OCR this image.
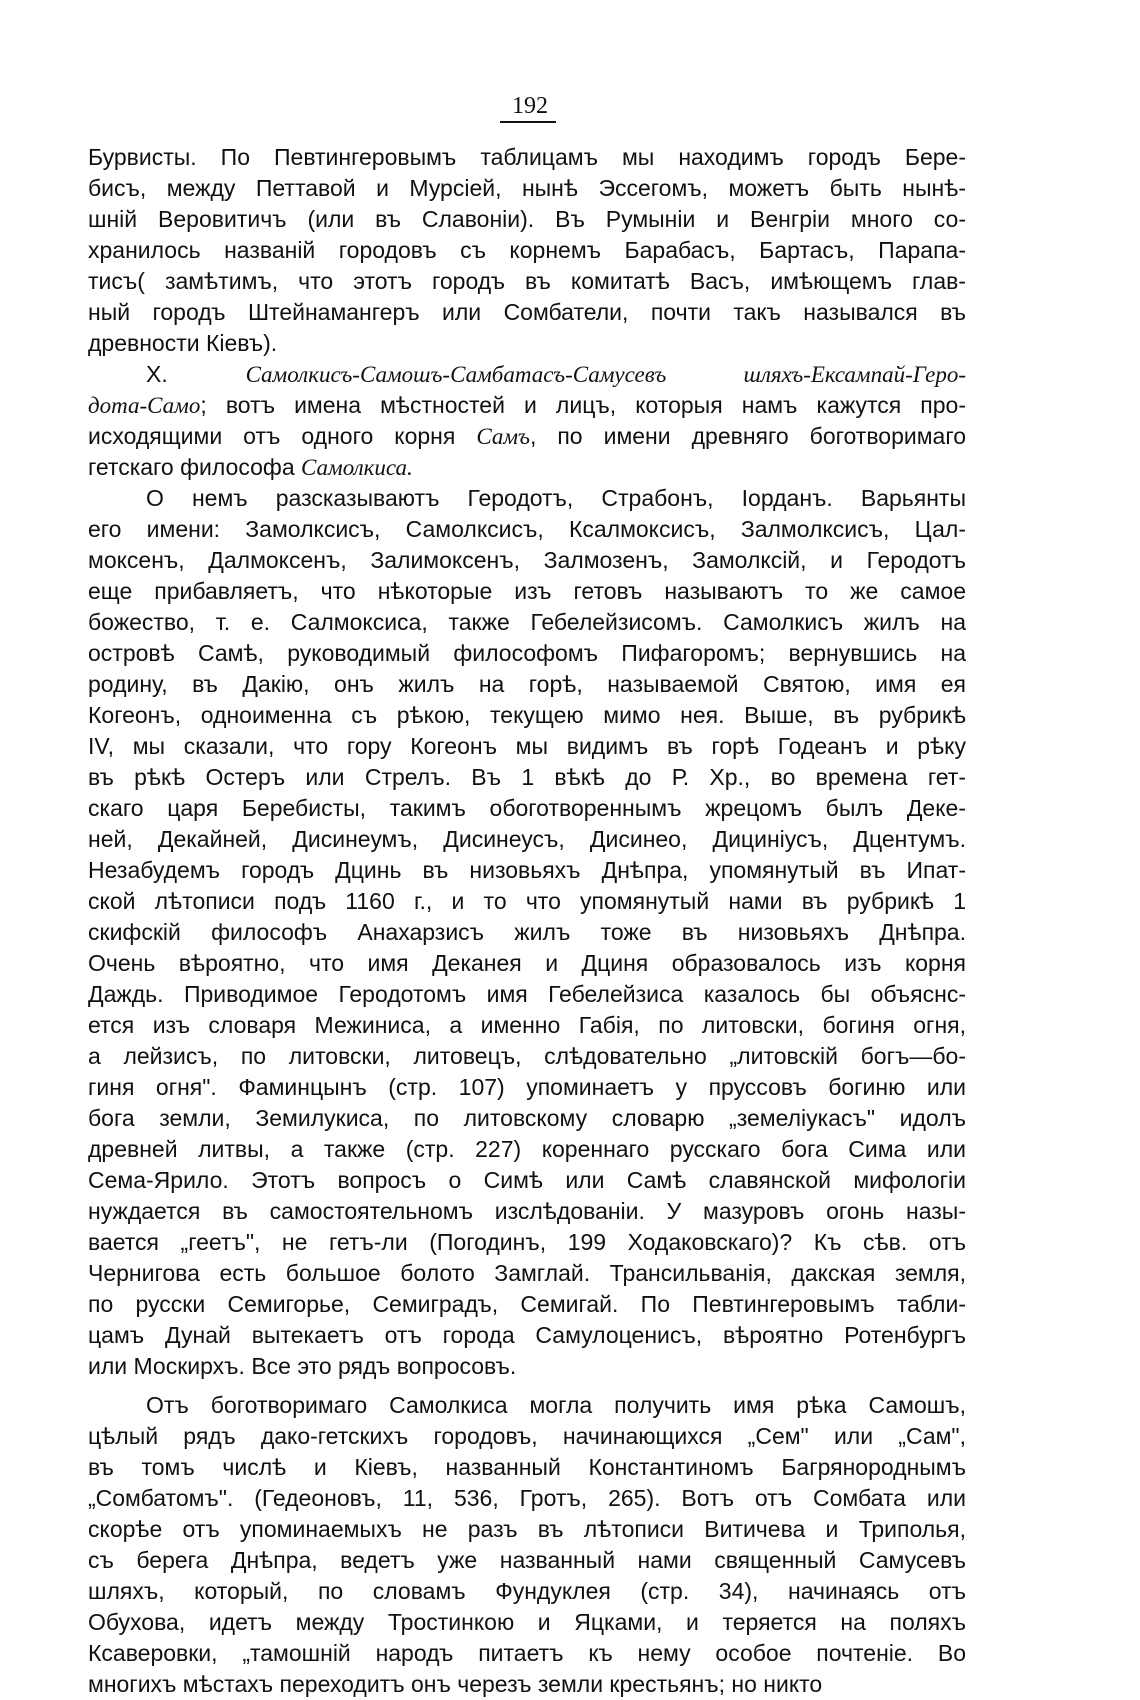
192
Бурвисты. По Певтингеровымъ таблицамъ мы находимъ городъ Бере-
бисъ, между Петтавой и Мурсіей, нынѣ Эссегомъ, можетъ быть нынѣ-
шній Веровитичъ (или въ Славоніи). Въ Румыніи и Венгріи много со-
хранилось названій городовъ съ корнемъ Барабасъ, Бартасъ, Парапа-
тисъ( замѣтимъ, что этотъ городъ въ комитатѣ Васъ, имѣющемъ глав-
ный городъ Штейнамангеръ или Сомбатели, почти такъ назывался въ
древности Кіевъ).
X. Самолкисъ-Самошъ-Самбатасъ-Самусевъ шляхъ-Ексампай-Геро-
дота-Само; вотъ имена мѣстностей и лицъ, которыя намъ кажутся про-
исходящими отъ одного корня Самъ, по имени древняго боготворимаго
гетскаго философа Самолкиса.
О немъ разсказываютъ Геродотъ, Страбонъ, Іорданъ. Варьянты
его имени: Замолксисъ, Самолксисъ, Ксалмоксисъ, Залмолксисъ, Цал-
моксенъ, Далмоксенъ, Залимоксенъ, Залмозенъ, Замолксій, и Геродотъ
еще прибавляетъ, что нѣкоторые изъ гетовъ называютъ то же самое
божество, т. е. Салмоксиса, также Гебелейзисомъ. Самолкисъ жилъ на
островѣ Самѣ, руководимый философомъ Пифагоромъ; вернувшись на
родину, въ Дакію, онъ жилъ на горѣ, называемой Святою, имя ея
Когеонъ, одноименна съ рѣкою, текущею мимо нея. Выше, въ рубрикѣ
IV, мы сказали, что гору Когеонъ мы видимъ въ горѣ Годеанъ и рѣку
въ рѣкѣ Остеръ или Стрелъ. Въ 1 вѣкѣ до Р. Хр., во времена гет-
скаго царя Беребисты, такимъ обоготвореннымъ жрецомъ былъ Деке-
ней, Декайней, Дисинеумъ, Дисинеусъ, Дисинео, Дициніусъ, Дцентумъ.
Незабудемъ городъ Дцинь въ низовьяхъ Днѣпра, упомянутый въ Ипат-
ской лѣтописи подъ 1160 г., и то что упомянутый нами въ рубрикѣ 1
скифскій философъ Анахарзисъ жилъ тоже въ низовьяхъ Днѣпра.
Очень вѣроятно, что имя Деканея и Дциня образовалось изъ корня
Даждь. Приводимое Геродотомъ имя Гебелейзиса казалось бы объяснс-
ется изъ словаря Межиниса, а именно Габія, по литовски, богиня огня,
а лейзисъ, по литовски, литовецъ, слѣдовательно „литовскій богъ—бо-
гиня огня". Фаминцынъ (стр. 107) упоминаетъ у пруссовъ богиню или
бога земли, Земилукиса, по литовскому словарю „земеліукасъ" идолъ
древней литвы, а также (стр. 227) кореннаго русскаго бога Сима или
Сема-Ярило. Этотъ вопросъ о Симѣ или Самѣ славянской мифологіи
нуждается въ самостоятельномъ изслѣдованіи. У мазуровъ огонь назы-
вается „геетъ", не гетъ-ли (Погодинъ, 199 Ходаковскаго)? Къ сѣв. отъ
Чернигова есть большое болото Замглай. Трансильванія, дакская земля,
по русски Семигорье, Семиградъ, Семигай. По Певтингеровымъ табли-
цамъ Дунай вытекаетъ отъ города Самулоценисъ, вѣроятно Ротенбургъ
или Москирхъ. Все это рядъ вопросовъ.
Отъ боготворимаго Самолкиса могла получить имя рѣка Самошъ,
цѣлый рядъ дако-гетскихъ городовъ, начинающихся „Сем" или „Сам",
въ томъ числѣ и Кіевъ, названный Константиномъ Багрянороднымъ
„Сомбатомъ". (Гедеоновъ, 11, 536, Гротъ, 265). Вотъ отъ Сомбата или
скорѣе отъ упоминаемыхъ не разъ въ лѣтописи Витичева и Триполья,
съ берега Днѣпра, ведетъ уже названный нами священный Самусевъ
шляхъ, который, по словамъ Фундуклея (стр. 34), начинаясь отъ
Обухова, идетъ между Тростинкою и Яцками, и теряется на поляхъ
Ксаверовки, „тамошній народъ питаетъ къ нему особое почтеніе. Во
многихъ мѣстахъ переходитъ онъ черезъ земли крестьянъ; но никто
